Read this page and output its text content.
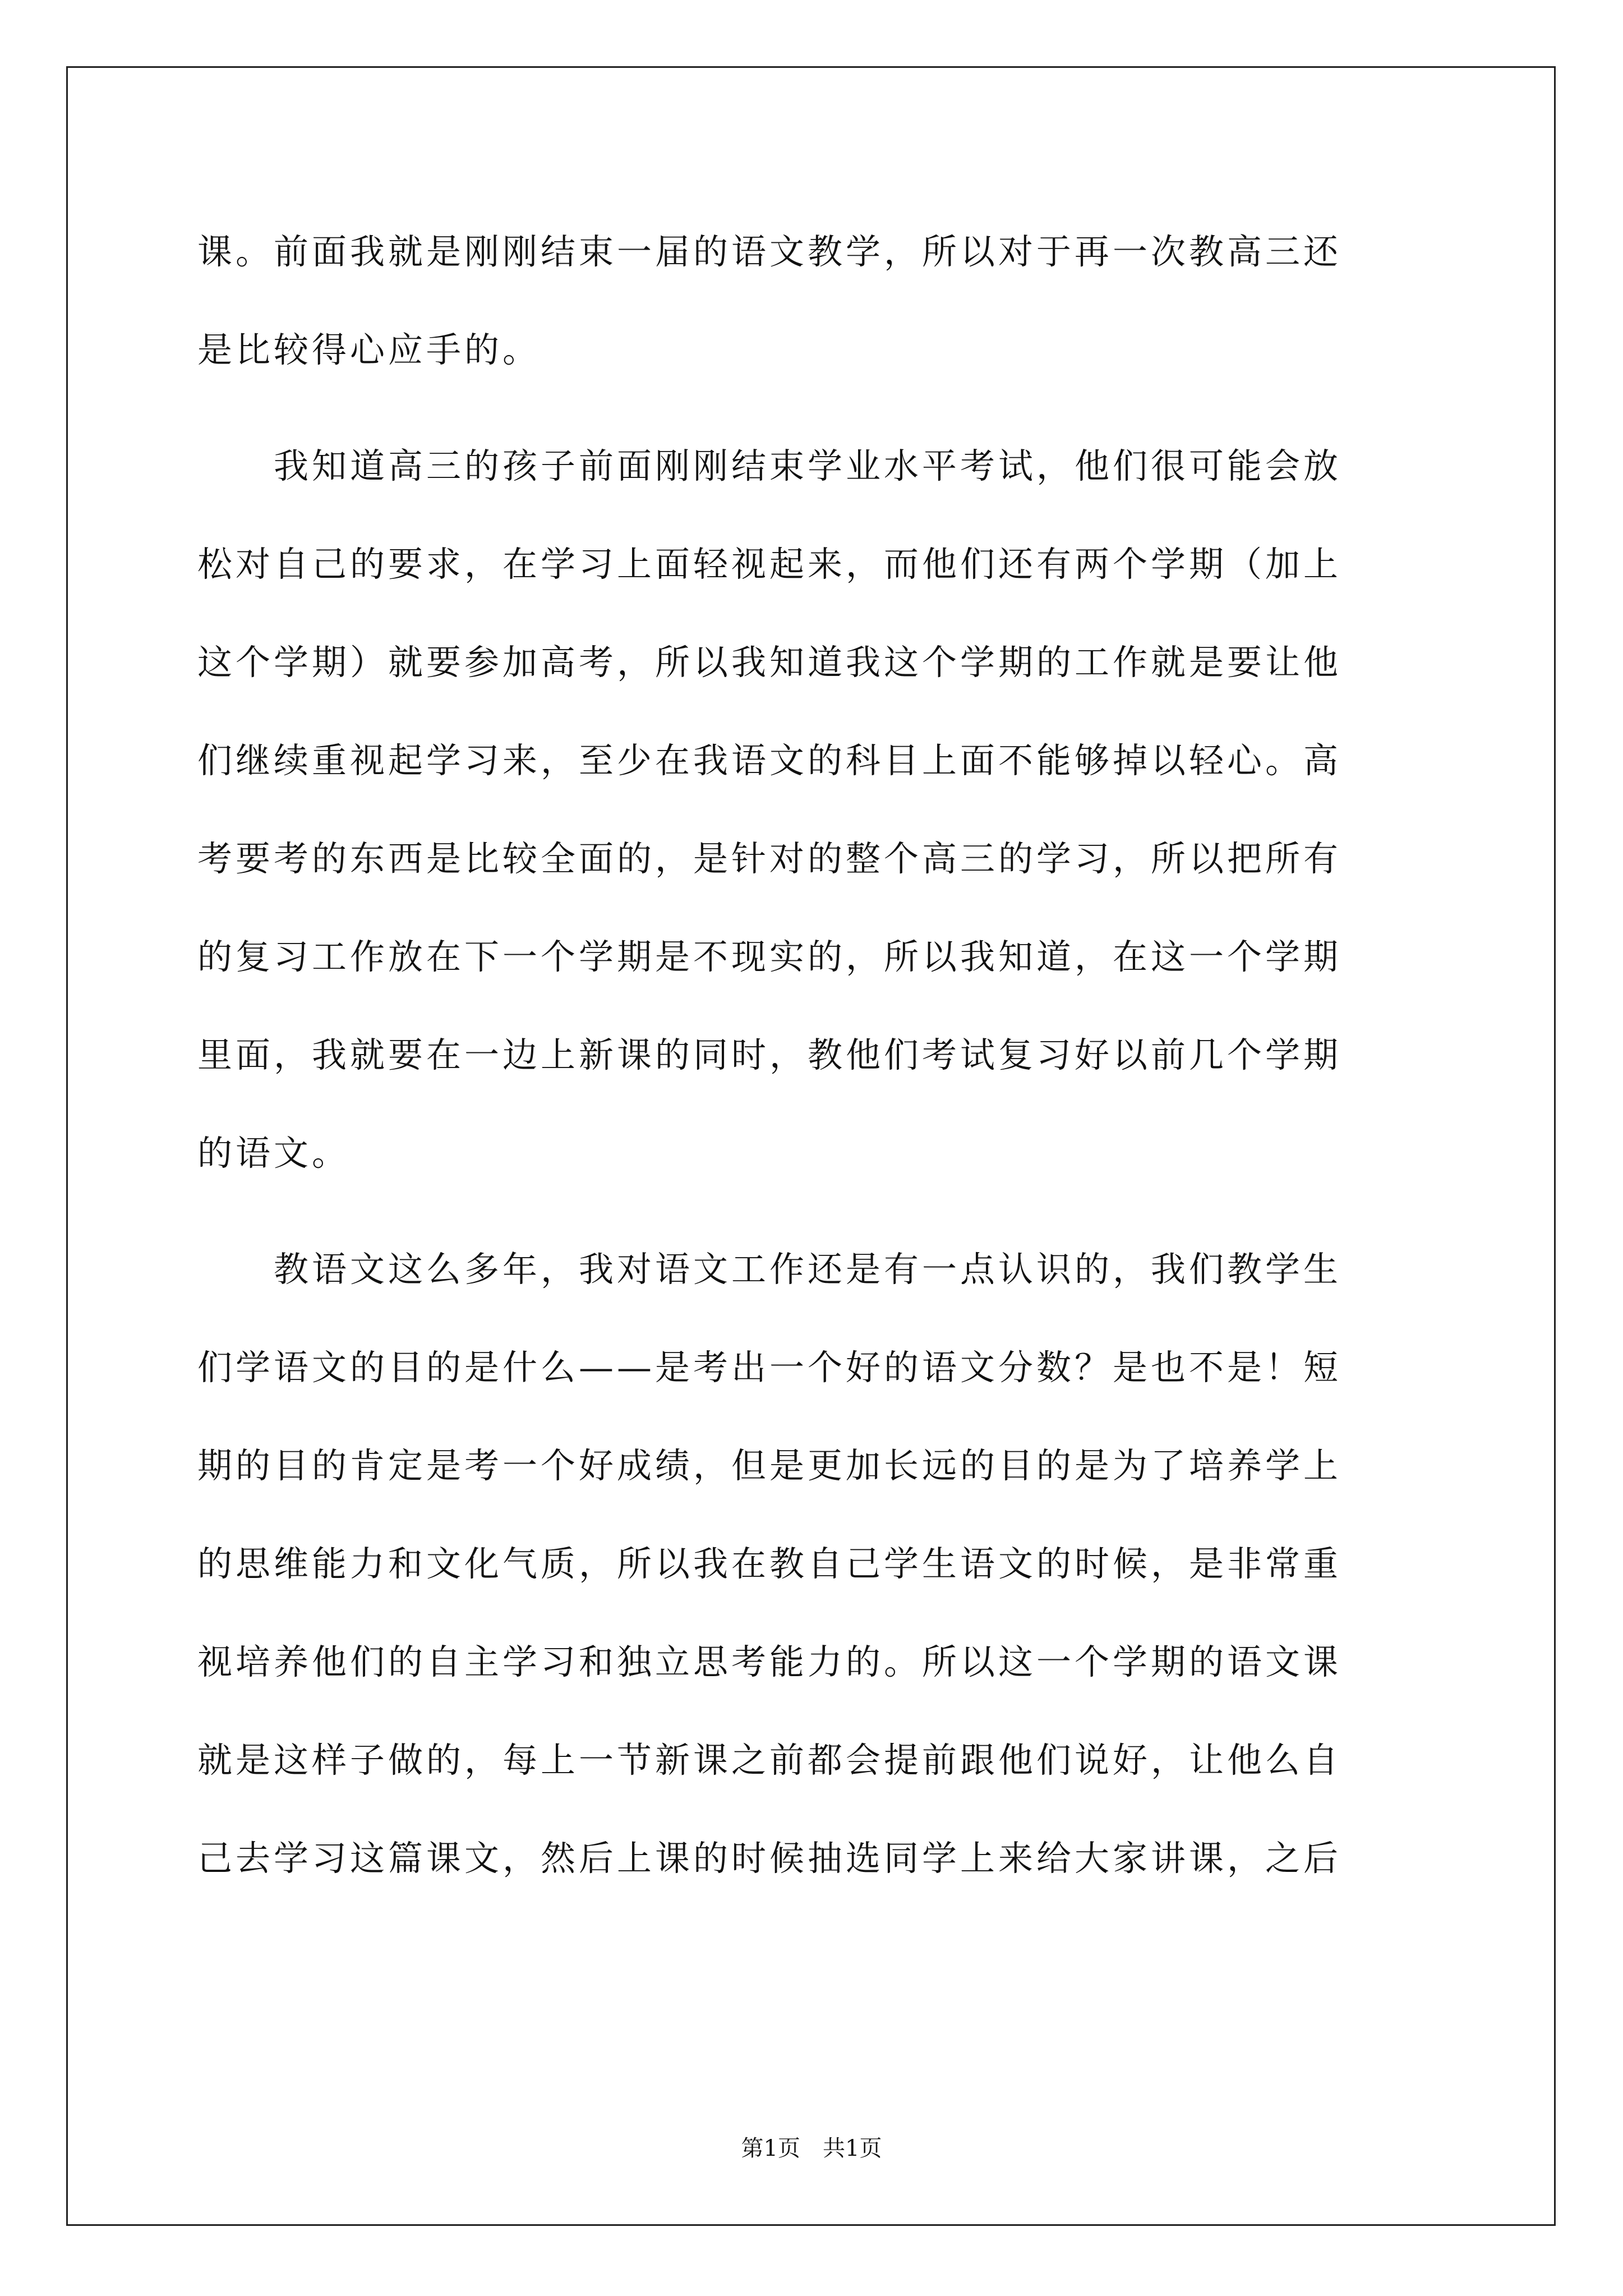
课。前面我就是刚刚结束一届的语文教学，所以对于再一次教高三还
是比较得心应手的。
　　我知道高三的孩子前面刚刚结束学业水平考试，他们很可能会放
松对自己的要求，在学习上面轻视起来，而他们还有两个学期（加上
这个学期）就要参加高考，所以我知道我这个学期的工作就是要让他
们继续重视起学习来，至少在我语文的科目上面不能够掉以轻心。高
考要考的东西是比较全面的，是针对的整个高三的学习，所以把所有
的复习工作放在下一个学期是不现实的，所以我知道，在这一个学期
里面，我就要在一边上新课的同时，教他们考试复习好以前几个学期
的语文。
　　教语文这么多年，我对语文工作还是有一点认识的，我们教学生
们学语文的目的是什么——是考出一个好的语文分数？是也不是！短
期的目的肯定是考一个好成绩，但是更加长远的目的是为了培养学上
的思维能力和文化气质，所以我在教自己学生语文的时候，是非常重
视培养他们的自主学习和独立思考能力的。所以这一个学期的语文课
就是这样子做的，每上一节新课之前都会提前跟他们说好，让他么自
己去学习这篇课文，然后上课的时候抽选同学上来给大家讲课，之后
第1页　共1页
